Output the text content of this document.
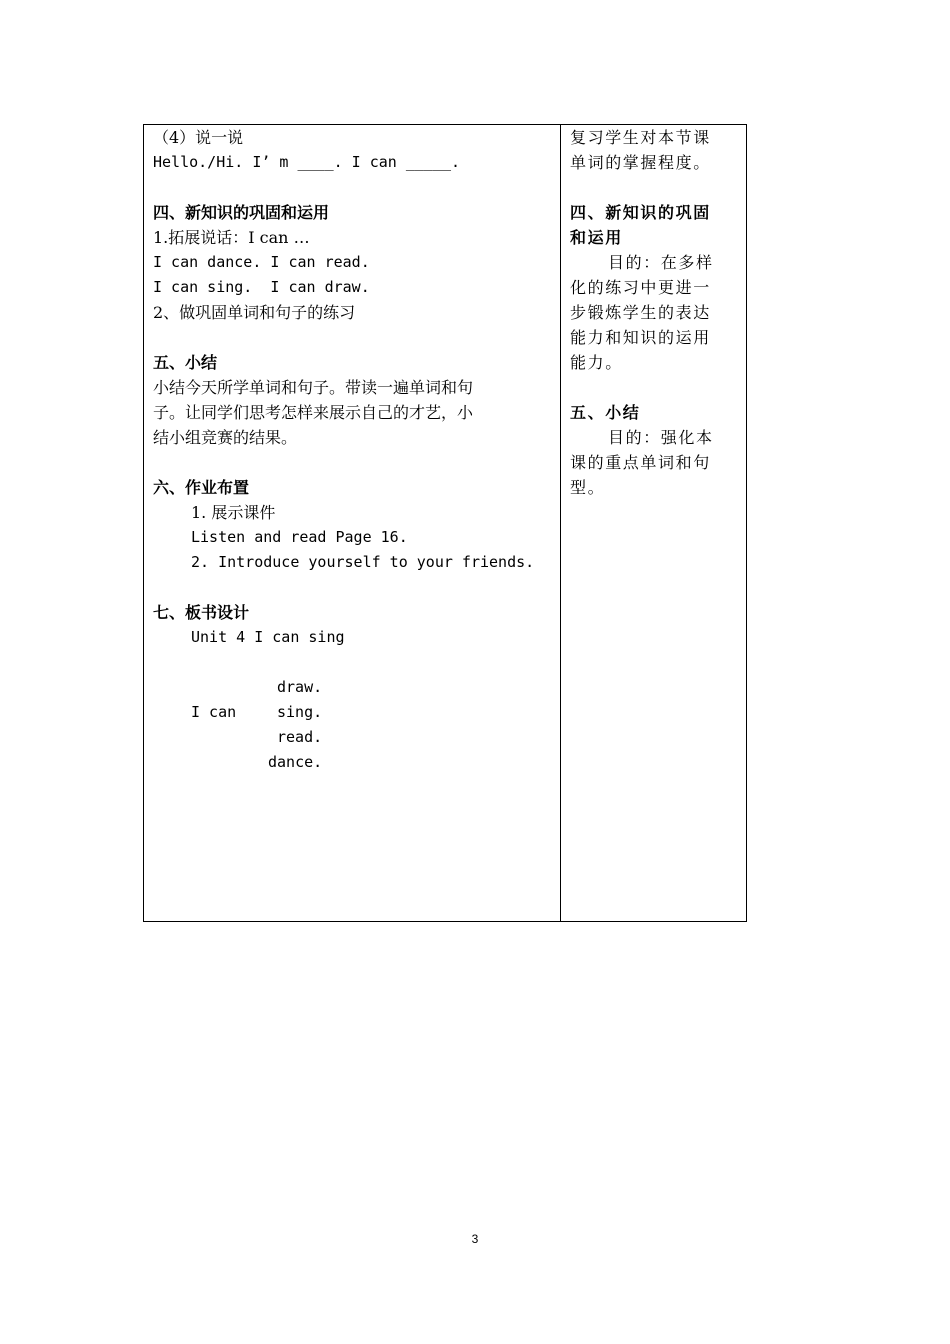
（4）说一说
Hello./Hi. I’ m ____. I can _____.
四、新知识的巩固和运用
1.拓展说话：I can …
I can dance. I can read.
I can sing.  I can draw.
2、做巩固单词和句子的练习
五、小结
小结今天所学单词和句子。带读一遍单词和句
子。让同学们思考怎样来展示自己的才艺，小
结小组竞赛的结果。
六、作业布置
1. 展示课件
Listen and read Page 16.
2. Introduce yourself to your friends.
七、板书设计
Unit 4 I can sing
draw.
I can	sing.
read.
dance.
复习学生对本节课
单词的掌握程度。
四、新知识的巩固
和运用
目的：在多样
化的练习中更进一
步锻炼学生的表达
能力和知识的运用
能力。
五、小结
目的：强化本
课的重点单词和句
型。
3
